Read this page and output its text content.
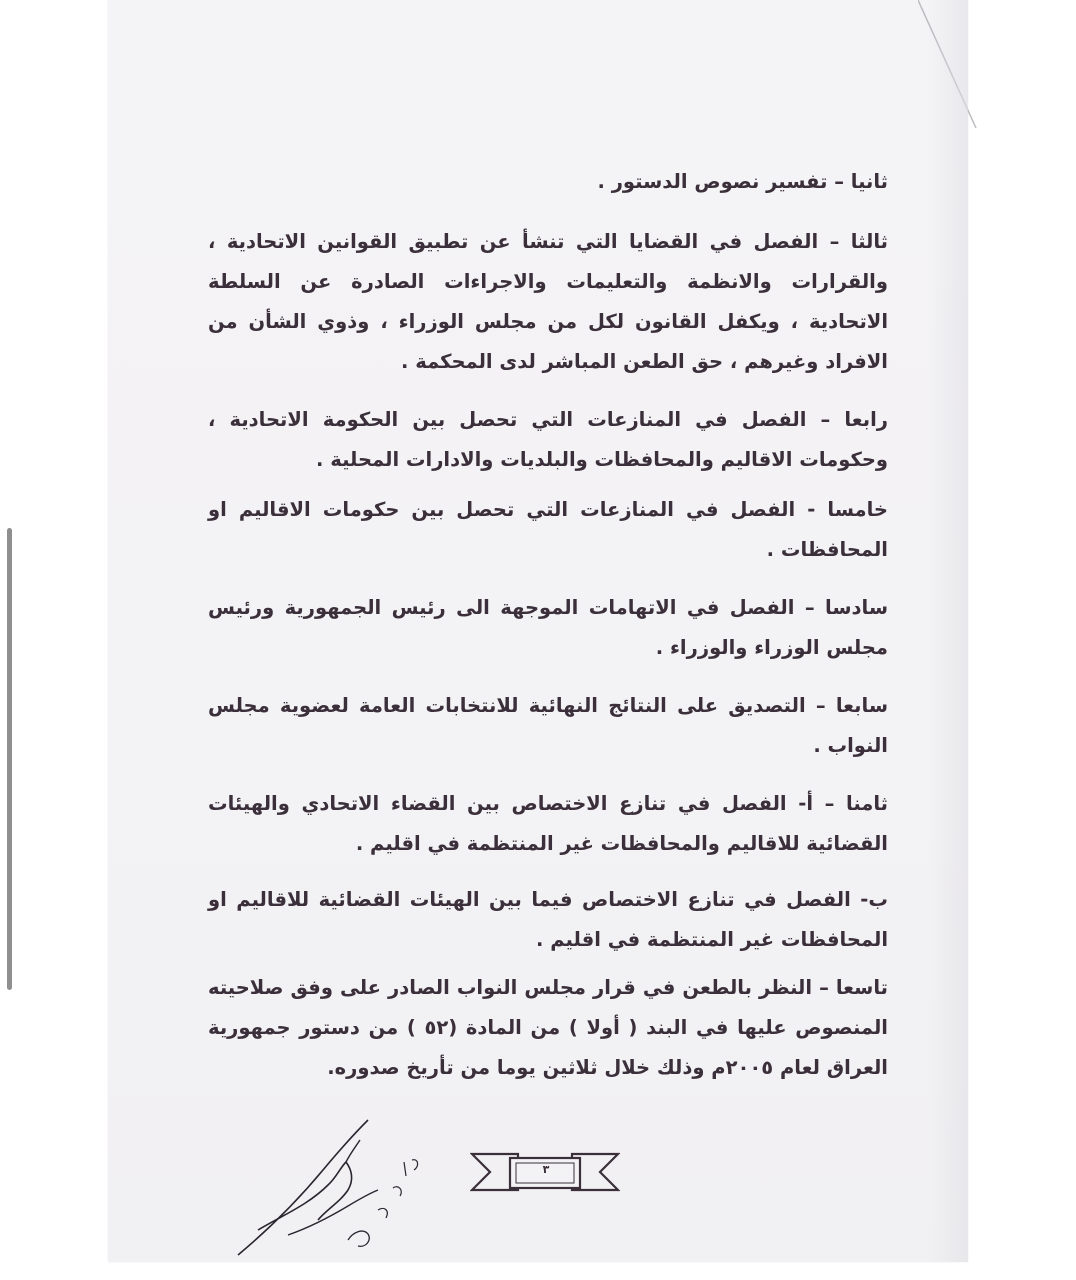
ثانيا – تفسير نصوص الدستور .

ثالثا – الفصل في القضايا التي تنشأ عن تطبيق القوانين الاتحادية ، والقرارات والانظمة والتعليمات والاجراءات الصادرة عن السلطة الاتحادية ، ويكفل القانون لكل من مجلس الوزراء ، وذوي الشأن من الافراد وغيرهم ، حق الطعن المباشر لدى المحكمة .

رابعا – الفصل في المنازعات التي تحصل بين الحكومة الاتحادية ، وحكومات الاقاليم والمحافظات والبلديات والادارات المحلية .

خامسا - الفصل في المنازعات التي تحصل بين حكومات الاقاليم او المحافظات .

سادسا – الفصل في الاتهامات الموجهة الى رئيس الجمهورية ورئيس مجلس الوزراء والوزراء .

سابعا – التصديق على النتائج النهائية للانتخابات العامة لعضوية مجلس النواب .

ثامنا – أ- الفصل في تنازع الاختصاص بين القضاء الاتحادي والهيئات القضائية للاقاليم والمحافظات غير المنتظمة في اقليم .

ب- الفصل في تنازع الاختصاص فيما بين الهيئات القضائية للاقاليم او المحافظات غير المنتظمة في اقليم .

تاسعا – النظر بالطعن في قرار مجلس النواب الصادر على وفق صلاحيته المنصوص عليها في البند ( أولا ) من المادة (٥٢ ) من دستور جمهورية العراق لعام ٢٠٠٥م وذلك خلال ثلاثين يوما من تأريخ صدوره.

٣
